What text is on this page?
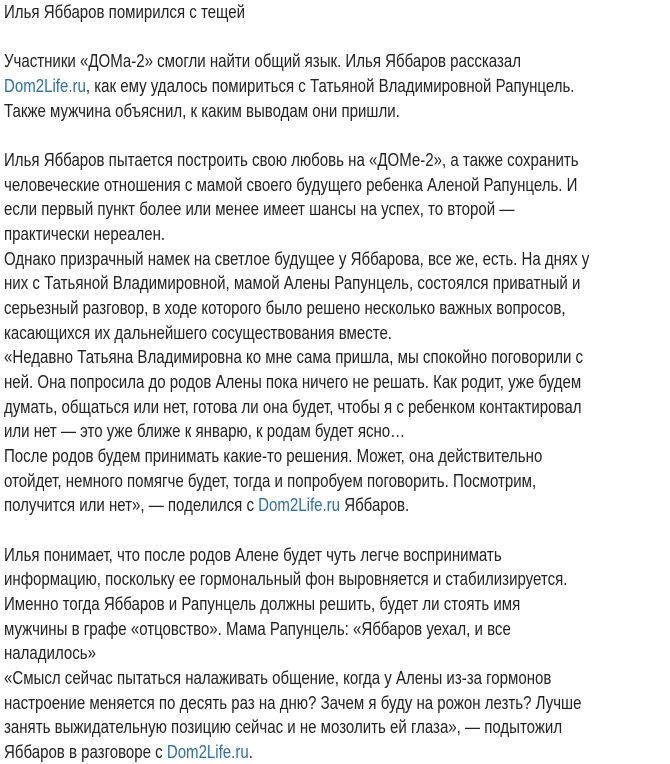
Илья Яббаров помирился с тещей
Участники «ДОМа-2» смогли найти общий язык. Илья Яббаров рассказал
Dom2Life.ru, как ему удалось помириться с Татьяной Владимировной Рапунцель.
Также мужчина объяснил, к каким выводам они пришли.
Илья Яббаров пытается построить свою любовь на «ДОМе-2», а также сохранить
человеческие отношения с мамой своего будущего ребенка Аленой Рапунцель. И
если первый пункт более или менее имеет шансы на успех, то второй —
практически нереален.
Однако призрачный намек на светлое будущее у Яббарова, все же, есть. На днях у
них с Татьяной Владимировной, мамой Алены Рапунцель, состоялся приватный и
серьезный разговор, в ходе которого было решено несколько важных вопросов,
касающихся их дальнейшего сосуществования вместе.
«Недавно Татьяна Владимировна ко мне сама пришла, мы спокойно поговорили с
ней. Она попросила до родов Алены пока ничего не решать. Как родит, уже будем
думать, общаться или нет, готова ли она будет, чтобы я с ребенком контактировал
или нет — это уже ближе к январю, к родам будет ясно…
После родов будем принимать какие-то решения. Может, она действительно
отойдет, немного помягче будет, тогда и попробуем поговорить. Посмотрим,
получится или нет», — поделился с Dom2Life.ru Яббаров.
Илья понимает, что после родов Алене будет чуть легче воспринимать
информацию, поскольку ее гормональный фон выровняется и стабилизируется.
Именно тогда Яббаров и Рапунцель должны решить, будет ли стоять имя
мужчины в графе «отцовство». Мама Рапунцель: «Яббаров уехал, и все
наладилось»
«Смысл сейчас пытаться налаживать общение, когда у Алены из-за гормонов
настроение меняется по десять раз на дню? Зачем я буду на рожон лезть? Лучше
занять выжидательную позицию сейчас и не мозолить ей глаза», — подытожил
Яббаров в разговоре с Dom2Life.ru.
